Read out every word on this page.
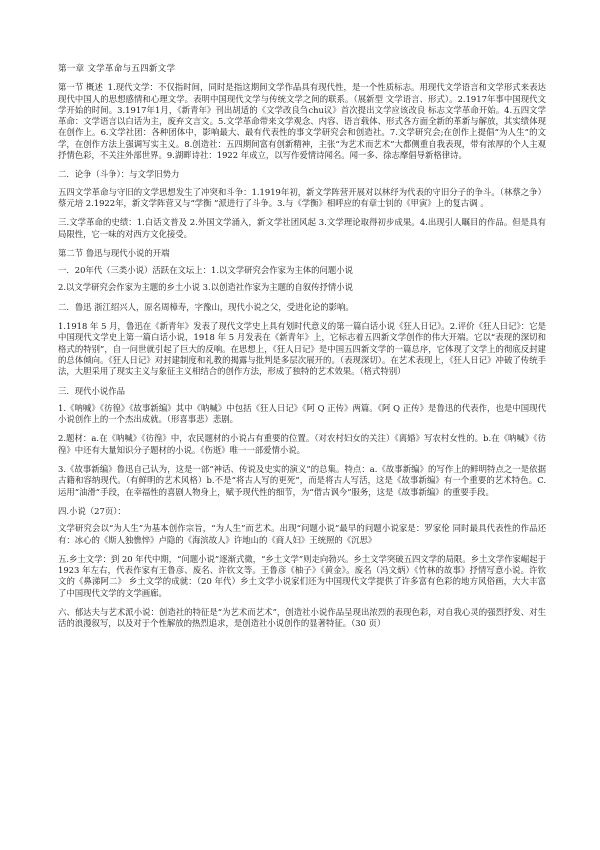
第一章 文学革命与五四新文学

第一节 概述 1.现代文学：不仅指时间，同时是指这期间文学作品具有现代性，是一个性质标志。用现代文学语言和文学形式来表达现代中国人的思想感情和心理文学。表明中国现代文学与传统文学之间的联系。（展新型 文学语言、形式）。2.1917年事中国现代文学开始的时间。3.1917年1月，《新青年》刊出胡适的《文学改良刍chu议》首次提出文学应该改良 标志文学革命开始。4.五四文学革命：文学语言以白话为主，废弃文言文。5.文学革命带来文学观念、内容、语言载体、形式各方面全新的革新与解放，其实绩体现在创作上。6.文学社团：各种团体中，影响最大、最有代表性的事文学研究会和创造社。7.文学研究会;在创作上提倡“为人生”的文学，在创作方法上强调写实主义。8.创造社：五四期间富有创新精神，主张“为艺术而艺术”大都侧重自我表现，带有浓厚的个人主观抒情色彩，不关注外部世界。9.湖畔诗社：1922 年成立，以写作爱情诗闻名。闻一多、徐志摩倡导新格律诗。

二．论争（斗争）：与文学旧势力

五四文学革命与守旧的文学思想发生了冲突和斗争：1.1919年初，新文学阵营开展对以林纾为代表的守旧分子的争斗。（林蔡之争）蔡元培 2.1922年，新文学阵营又与“学衡 ”派进行了斗争。3.与《学衡》相呼应的有章士钊的《甲寅》上的复古调 。

三.文学革命的史绩：1.白话文普及 2.外国文学涌入，新文学社团风起 3.文学理论取得初步成果。4.出现引人瞩目的作品。但是具有局限性，它一味的对西方文化接受。

第二节 鲁迅与现代小说的开端

一．20年代（三类小说）活跃在文坛上：1.以文学研究会作家为主体的问题小说

2.以文学研究会作家为主题的乡土小说 3.以创造社作家为主题的自叙传抒情小说

二．鲁迅 浙江绍兴人，原名周樟寿，字豫山，现代小说之父，受进化论的影响。

1.1918 年 5 月，鲁迅在《新青年》发表了现代文学史上具有划时代意义的第一篇白话小说《狂人日记》。2.评价《狂人日记》：它是中国现代文学史上第一篇白话小说，1918 年 5 月发表在《新青年》上，它标志着五四新文学创作的伟大开端。它以“表现的深切和格式的特别”，自一问世就引起了巨大的反响。在思想上，《狂人日记》是中国五四新文学的一篇总序，它体现了文学上的彻底反封建的总体倾向。《狂人日记》对封建制度和礼教的揭露与批判是多层次展开的。（表现深切）。在艺术表现上，《狂人日记》冲破了传统手法，大胆采用了现实主义与象征主义相结合的创作方法，形成了独特的艺术效果。（格式特别）

三．现代小说作品

1.《呐喊》《彷徨》《故事新编》其中《呐喊》中包括《狂人日记》《阿 Q 正传》两篇。《阿 Q 正传》是鲁迅的代表作，也是中国现代小说创作上的一个杰出成就。（形喜事悲）悲剧。

2.题材：a.在《呐喊》《彷徨》中，农民题材的小说占有重要的位置。（对农村妇女的关注）《离婚》写农村女性的。b.在《呐喊》《彷徨》中还有大量知识分子题材的小说。《伤逝》唯一一部爱情小说。

3.《故事新编》鲁迅自己认为，这是一部“神话、传说及史实的演义”的总集。特点：a.《故事新编》的写作上的鲜明特点之一是依据古籍和容纳现代。（有鲜明的艺术风格）b.不是“将古人写的更死”，而是将古人写活，这是《故事新编》有一个重要的艺术特色。C.运用“油滑”手段，在幸福性的喜剧人物身上，赋予现代性的细节，为“借古讽今”服务，这是《故事新编》的重要手段。

四.小说（27页）：

文学研究会以“为人生”为基本创作宗旨，“为人生”而艺术。出现“问题小说”最早的问题小说家是：罗家伦 同时最具代表性的作品还有：冰心的《斯人独憔悴》卢隐的《海滨故人》许地山的《商人妇》王统照的《沉思》

五.乡土文学：到 20 年代中期，“问题小说”逐渐式微，“乡土文学”则走向勃兴。乡土文学突破五四文学的局限。乡土文学作家崛起于 1923 年左右，代表作家有王鲁彦、废名、许钦文等。王鲁彦《柚子》《黄金》。废名（冯文炳）《竹林的故事》抒情写意小说。许钦文的《鼻涕阿二》 乡土文学的成就：（20 年代）乡土文学小说家们还为中国现代文学提供了许多富有色彩的地方风俗画，大大丰富了中国现代文学的文学画廊。

六、郁达夫与艺术派小说：创造社的特征是“为艺术而艺术”，创造社小说作品呈现出浓烈的表现色彩，对自我心灵的强烈抒发、对生活的浪漫叙写，以及对于个性解放的热烈追求，是创造社小说创作的显著特征。（30 页）
